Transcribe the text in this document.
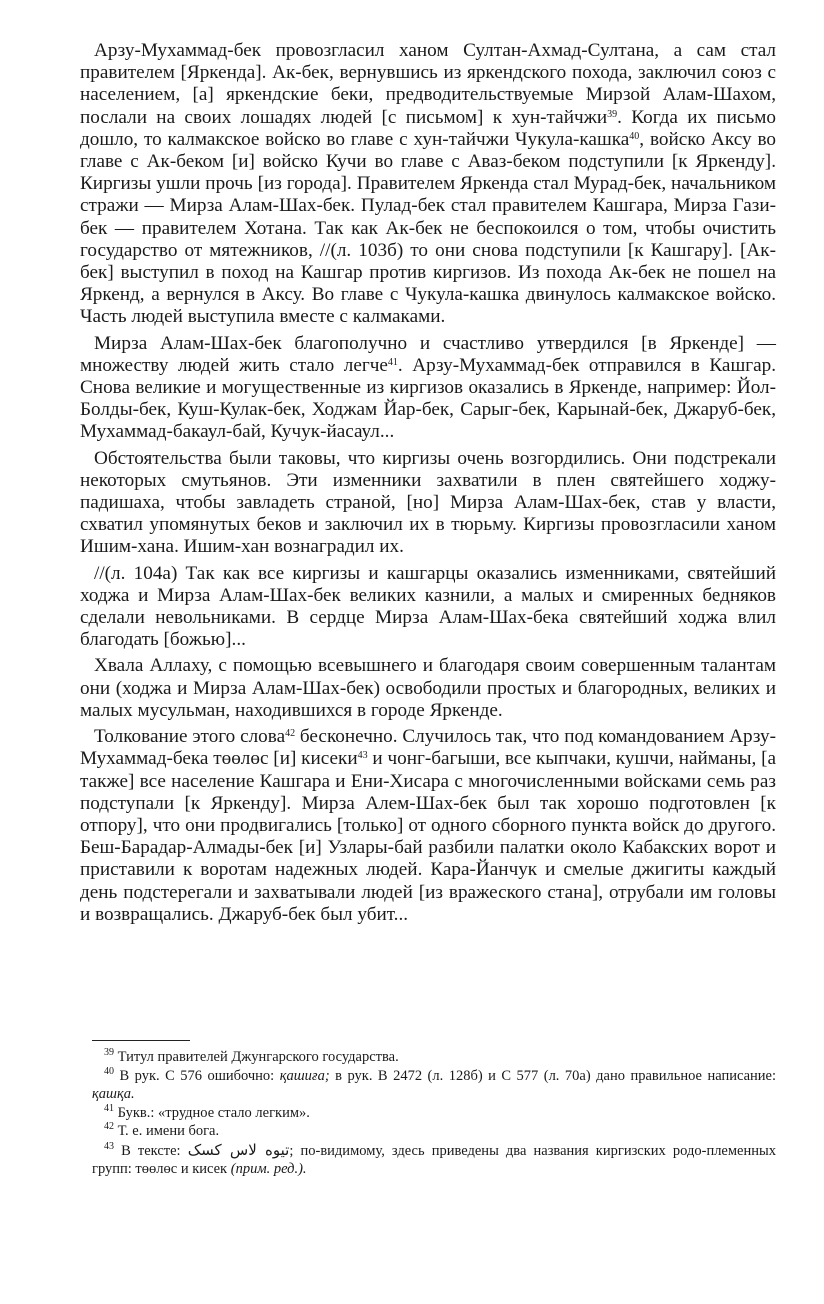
Арзу-Мухаммад-бек провозгласил ханом Султан-Ахмад-Султана, а сам стал правителем [Яркенда]. Ак-бек, вернувшись из яркендского похода, заключил союз с населением, [а] яркендские беки, предводительствуемые Мирзой Алам-Шахом, послали на своих лошадях людей [с письмом] к хун-тайчжи$^{39}$. Когда их письмо дошло, то калмакское войско во главе с хун-тайчжи Чукула-кашка$^{40}$, войско Аксу во главе с Ак-беком [и] войско Кучи во главе с Аваз-беком подступили [к Яркенду]. Киргизы ушли прочь [из города]. Правителем Яркенда стал Мурад-бек, начальником стражи — Мирза Алам-Шах-бек. Пулад-бек стал правителем Кашгара, Мирза Гази-бек — правителем Хотана. Так как Ак-бек не беспокоился о том, чтобы очистить государство от мятежников, //(л. 103б) то они снова подступили [к Кашгару]. [Ак-бек] выступил в поход на Кашгар против киргизов. Из похода Ак-бек не пошел на Яркенд, а вернулся в Аксу. Во главе с Чукула-кашка двинулось калмакское войско. Часть людей выступила вместе с калмаками.

Мирза Алам-Шах-бек благополучно и счастливо утвердился [в Яркенде] — множеству людей жить стало легче$^{41}$. Арзу-Мухаммад-бек отправился в Кашгар. Снова великие и могущественные из киргизов оказались в Яркенде, например: Йол-Болды-бек, Куш-Кулак-бек, Ходжам Йар-бек, Сарыг-бек, Карынай-бек, Джаруб-бек, Мухаммад-бакаул-бай, Кучук-йасаул...

Обстоятельства были таковы, что киргизы очень возгордились. Они подстрекали некоторых смутьянов. Эти изменники захватили в плен святейшего ходжу-падишаха, чтобы завладеть страной, [но] Мирза Алам-Шах-бек, став у власти, схватил упомянутых беков и заключил их в тюрьму. Киргизы провозгласили ханом Ишим-хана. Ишим-хан вознаградил их.

//(л. 104а) Так как все киргизы и кашгарцы оказались изменниками, святейший ходжа и Мирза Алам-Шах-бек великих казнили, а малых и смиренных бедняков сделали невольниками. В сердце Мирза Алам-Шах-бека святейший ходжа влил благодать [божью]...

Хвала Аллаху, с помощью всевышнего и благодаря своим совершенным талантам они (ходжа и Мирза Алам-Шах-бек) освободили простых и благородных, великих и малых мусульман, находившихся в городе Яркенде.

Толкование этого слова$^{42}$ бесконечно. Случилось так, что под командованием Арзу-Мухаммад-бека төөлөс [и] кисеки$^{43}$ и чонг-багыши, все кыпчаки, кушчи, найманы, [а также] все население Кашгара и Ени-Хисара с многочисленными войсками семь раз подступали [к Яркенду]. Мирза Алем-Шах-бек был так хорошо подготовлен [к отпору], что они продвигались [только] от одного сборного пункта войск до другого. Беш-Барадар-Алмады-бек [и] Узлары-бай разбили палатки около Кабакских ворот и приставили к воротам надежных людей. Кара-Йанчук и смелые джигиты каждый день подстерегали и захватывали людей [из вражеского стана], отрубали им головы и возвращались. Джаруб-бек был убит...

$^{39}$ Титул правителей Джунгарского государства.

$^{40}$ В рук. С 576 ошибочно: қашиға; в рук. В 2472 (л. 128б) и С 577 (л. 70а) дано правильное написание: қашқа.

$^{41}$ Букв.: «трудное стало легким».

$^{42}$ Т. е. имени бога.

$^{43}$ В тексте: تیوه لاس کسک; по-видимому, здесь приведены два названия киргизских родо-племенных групп: төөлөс и кисек (прим. ред.).
